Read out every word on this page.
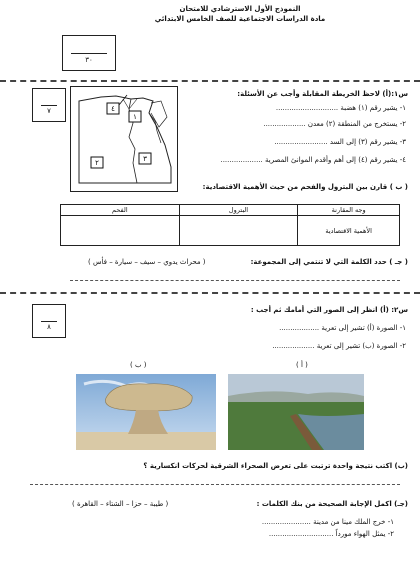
النموذج الأول الاسترشادي للامتحان
مادة الدراسات الاجتماعية للصف الخامس الابتدائي
٣٠
٧
س١:(أ) لاحظ الخريطة المقابلة وأجب عن الأسئلة:
٤
١
٢	٣
١- يشير رقم (١) هضبة ............................
٢- يستخرج من المنطقة (٢) معدن ...................
٣- يشير رقم (٣) إلى السد ........................
٤- يشير رقم (٤) إلى أهم وأقدم الموانئ المصرية ...................
( ب ) قارن بين البترول والفحم من حيث الأهمية الاقتصادية:
وجه المقارنة	البترول	الفحم
الأهمية الاقتصادية		
( جـ ) حدد الكلمة التي لا تنتمي إلى المجموعة:
( محراث يدوي – سيف – سيارة – فأس )
٨
س٢: (أ) انظر إلى الصور التي أمامك ثم أجب :
١- الصورة (أ) تشير إلى تعرية ..................
٢- الصورة (ب) تشير إلى تعرية ...................
( ب )	( أ )
(ب) اكتب نتيجة واحدة ترتبت على تعرض الصحراء الشرقية لحركات انكسارية ؟
(جـ) اكمل الإجابة الصحيحة من بنك الكلمات :
( طيبة – حزا – الشتاء – القاهرة )
١- خرج الملك مينا من مدينة ......................
٢- يمثل الهواء مورداً .............................
